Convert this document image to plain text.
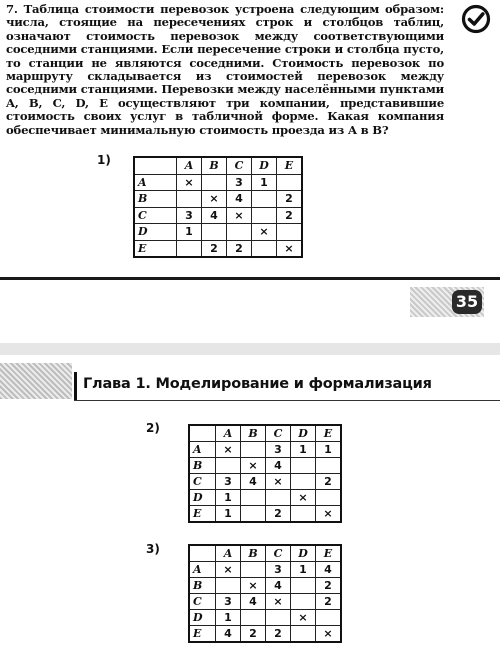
7. Таблица стоимости перевозок устроена следующим образом: числа, стоящие на пересечениях строк и столбцов таблиц, означают стоимость перевозок между соответствующими соседними станциями. Если пересечение строки и столбца пусто, то станции не являются соседними. Стоимость перевозок по маршруту складывается из стоимостей перевозок между соседними станциями. Перевозки между населёнными пунктами A, B, C, D, E осуществляют три компании, представившие стоимость своих услуг в табличной форме. Какая компания обеспечивает минимальную стоимость проезда из A в B?
1)
		A	B	C	D	E
A	×		3	1	
B		×	4		2
C	3	4	×		2
D	1			×	
E		2	2		×
35
Глава 1. Моделирование и формализация
2)
		A	B	C	D	E
A	×		3	1	1
B		×	4		
C	3	4	×		2
D	1			×	
E	1		2		×
3)
		A	B	C	D	E
A	×		3	1	4
B		×	4		2
C	3	4	×		2
D	1			×	
E	4	2	2		×
